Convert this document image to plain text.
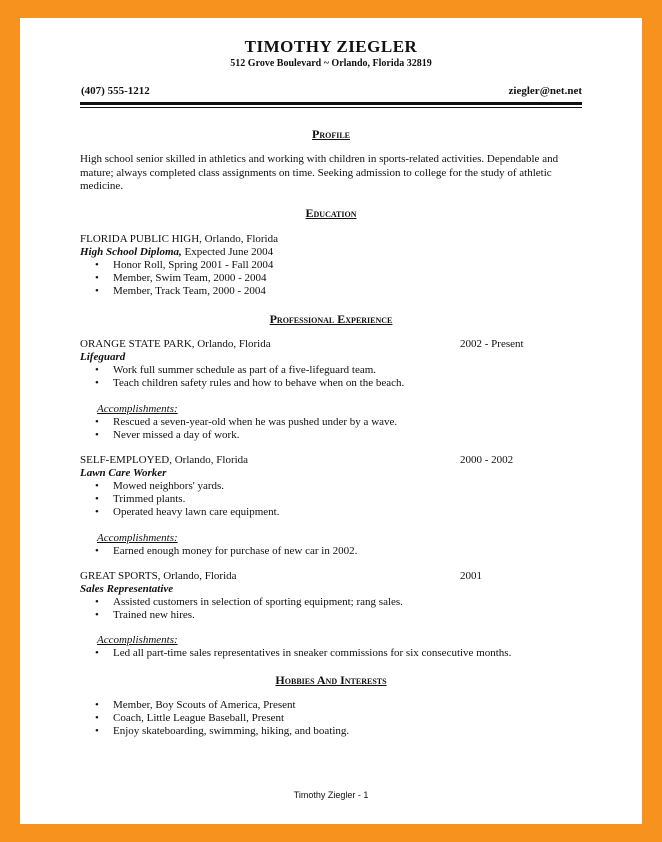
TIMOTHY ZIEGLER
512 Grove Boulevard ~ Orlando, Florida 32819
(407) 555-1212	ziegler@net.net
Profile
High school senior skilled in athletics and working with children in sports-related activities. Dependable and mature; always completed class assignments on time. Seeking admission to college for the study of athletic medicine.
Education
FLORIDA PUBLIC HIGH, Orlando, Florida
High School Diploma, Expected June 2004
• Honor Roll, Spring 2001 - Fall 2004
• Member, Swim Team, 2000 - 2004
• Member, Track Team, 2000 - 2004
Professional Experience
ORANGE STATE PARK, Orlando, Florida	2002 - Present
Lifeguard
• Work full summer schedule as part of a five-lifeguard team.
• Teach children safety rules and how to behave when on the beach.
Accomplishments:
• Rescued a seven-year-old when he was pushed under by a wave.
• Never missed a day of work.
SELF-EMPLOYED, Orlando, Florida	2000 - 2002
Lawn Care Worker
• Mowed neighbors' yards.
• Trimmed plants.
• Operated heavy lawn care equipment.
Accomplishments:
• Earned enough money for purchase of new car in 2002.
GREAT SPORTS, Orlando, Florida	2001
Sales Representative
• Assisted customers in selection of sporting equipment; rang sales.
• Trained new hires.
Accomplishments:
• Led all part-time sales representatives in sneaker commissions for six consecutive months.
Hobbies And Interests
• Member, Boy Scouts of America, Present
• Coach, Little League Baseball, Present
• Enjoy skateboarding, swimming, hiking, and boating.
Timothy Ziegler - 1
